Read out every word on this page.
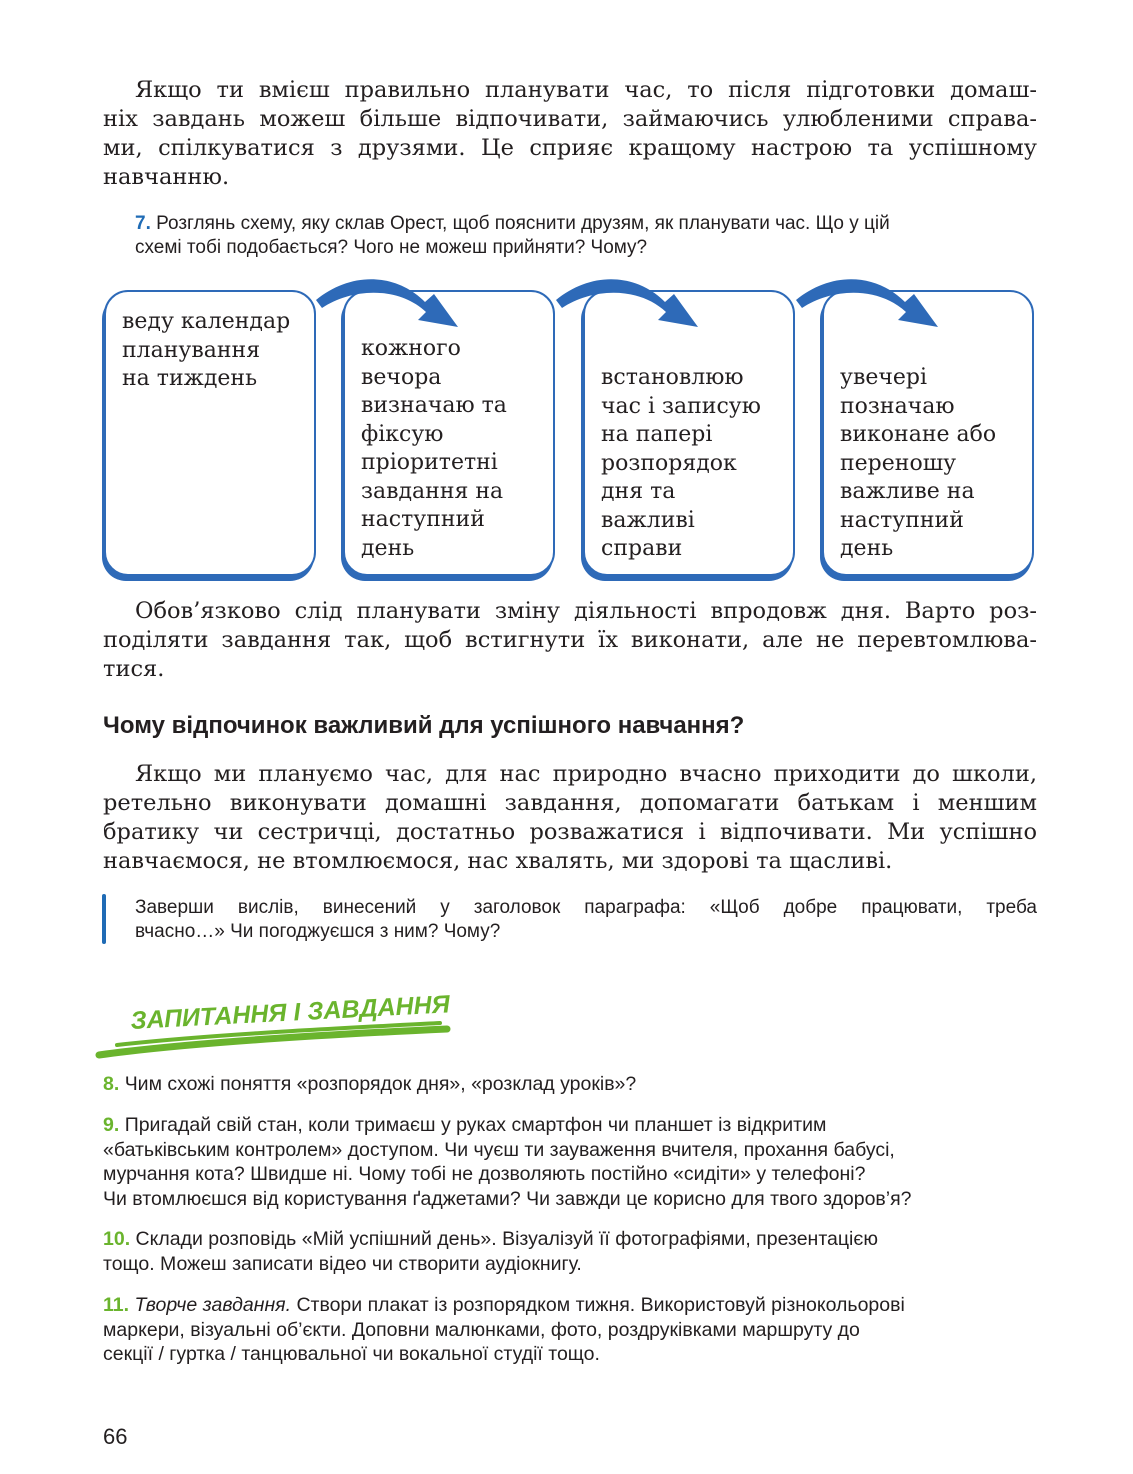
Якщо ти вмієш правильно планувати час, то після підготовки домаш-
ніх завдань можеш більше відпочивати, займаючись улюбленими справа-
ми, спілкуватися з друзями. Це сприяє кращому настрою та успішному
навчанню.
7. Розглянь схему, яку склав Орест, щоб пояснити друзям, як планувати час. Що у цій
схемі тобі подобається? Чого не можеш прийняти? Чому?
веду календар
планування
на тиждень
кожного
вечора
визначаю та
фіксую
пріоритетні
завдання на
наступний
день
встановлюю
час і записую
на папері
розпорядок
дня та
важливі
справи
увечері
позначаю
виконане або
переношу
важливе на
наступний
день
Обов’язково слід планувати зміну діяльності впродовж дня. Варто роз-
поділяти завдання так, щоб встигнути їх виконати, але не перевтомлюва-
тися.
Чому відпочинок важливий для успішного навчання?
Якщо ми плануємо час, для нас природно вчасно приходити до школи,
ретельно виконувати домашні завдання, допомагати батькам і меншим
братику чи сестричці, достатньо розважатися і відпочивати. Ми успішно
навчаємося, не втомлюємося, нас хвалять, ми здорові та щасливі.
Заверши вислів, винесений у заголовок параграфа: «Щоб добре працювати, треба
вчасно…» Чи погоджуєшся з ним? Чому?
ЗАПИТАННЯ І ЗАВДАННЯ
8. Чим схожі поняття «розпорядок дня», «розклад уроків»?
9. Пригадай свій стан, коли тримаєш у руках смартфон чи планшет із відкритим
«батьківським контролем» доступом. Чи чуєш ти зауваження вчителя, прохання бабусі,
мурчання кота? Швидше ні. Чому тобі не дозволяють постійно «сидіти» у телефоні?
Чи втомлюєшся від користування ґаджетами? Чи завжди це корисно для твого здоров’я?
10. Склади розповідь «Мій успішний день». Візуалізуй її фотографіями, презентацією
тощо. Можеш записати відео чи створити аудіокнигу.
11. Творче завдання. Створи плакат із розпорядком тижня. Використовуй різнокольорові
маркери, візуальні об’єкти. Доповни малюнками, фото, роздруківками маршруту до
секції / гуртка / танцювальної чи вокальної студії тощо.
66
